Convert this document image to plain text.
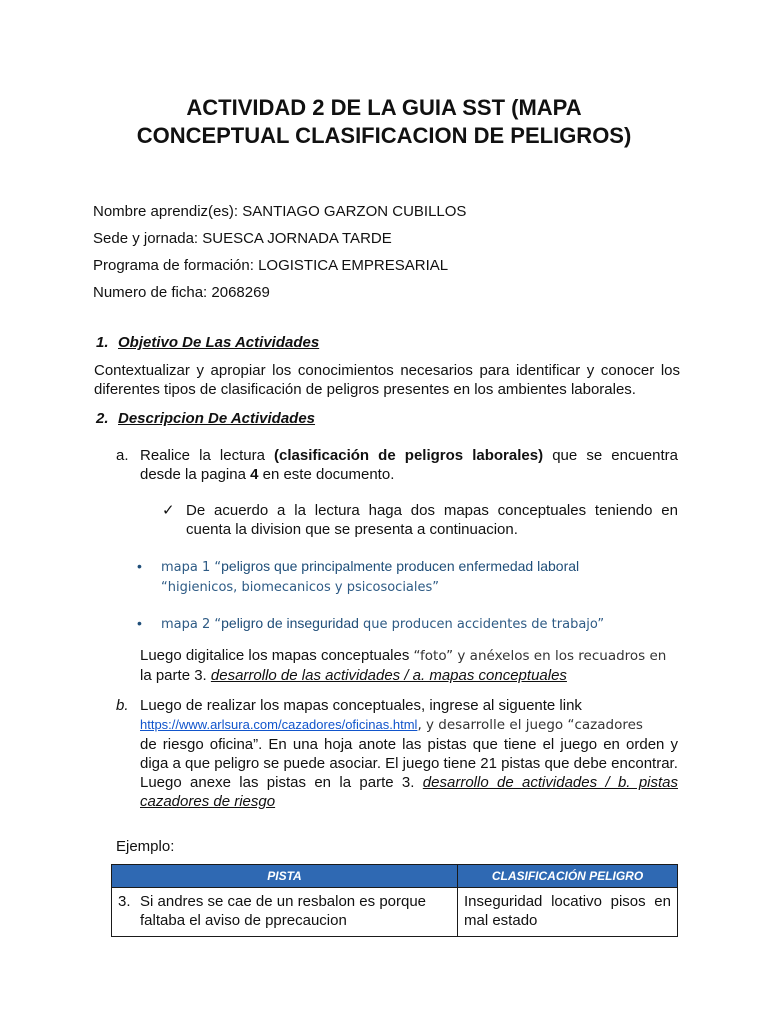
ACTIVIDAD 2 DE LA GUIA SST (MAPA
CONCEPTUAL CLASIFICACION DE PELIGROS)
Nombre aprendiz(es): SANTIAGO GARZON CUBILLOS
Sede y jornada: SUESCA JORNADA TARDE
Programa de formación: LOGISTICA EMPRESARIAL
Numero de ficha: 2068269
1. Objetivo De Las Actividades
Contextualizar y apropiar los conocimientos necesarios para identificar y conocer los diferentes tipos de clasificación de peligros presentes en los ambientes laborales.
2. Descripcion De Actividades
a. Realice la lectura (clasificación de peligros laborales) que se encuentra desde la pagina 4 en este documento.
✓ De acuerdo a la lectura haga dos mapas conceptuales teniendo en cuenta la division que se presenta a continuacion.
• mapa 1 “peligros que principalmente producen enfermedad laboral
“higienicos, biomecanicos y psicosociales”
• mapa 2 “peligro de inseguridad que producen accidentes de trabajo”
Luego digitalice los mapas conceptuales “foto” y anéxelos en los recuadros en
la parte 3. desarrollo de las actividades / a. mapas conceptuales
b. Luego de realizar los mapas conceptuales, ingrese al siguente link
https://www.arlsura.com/cazadores/oficinas.html, y desarrolle el juego “cazadores
de riesgo oficina”. En una hoja anote las pistas que tiene el juego en orden y diga a que peligro se puede asociar. El juego tiene 21 pistas que debe encontrar.
Luego anexe las pistas en la parte 3. desarrollo de actividades / b. pistas cazadores de riesgo
Ejemplo:
PISTA	CLASIFICACIÓN PELIGRO

3. Si andres se cae de un resbalon es porque faltaba el aviso de pprecaucion	Inseguridad locativo pisos en mal estado
